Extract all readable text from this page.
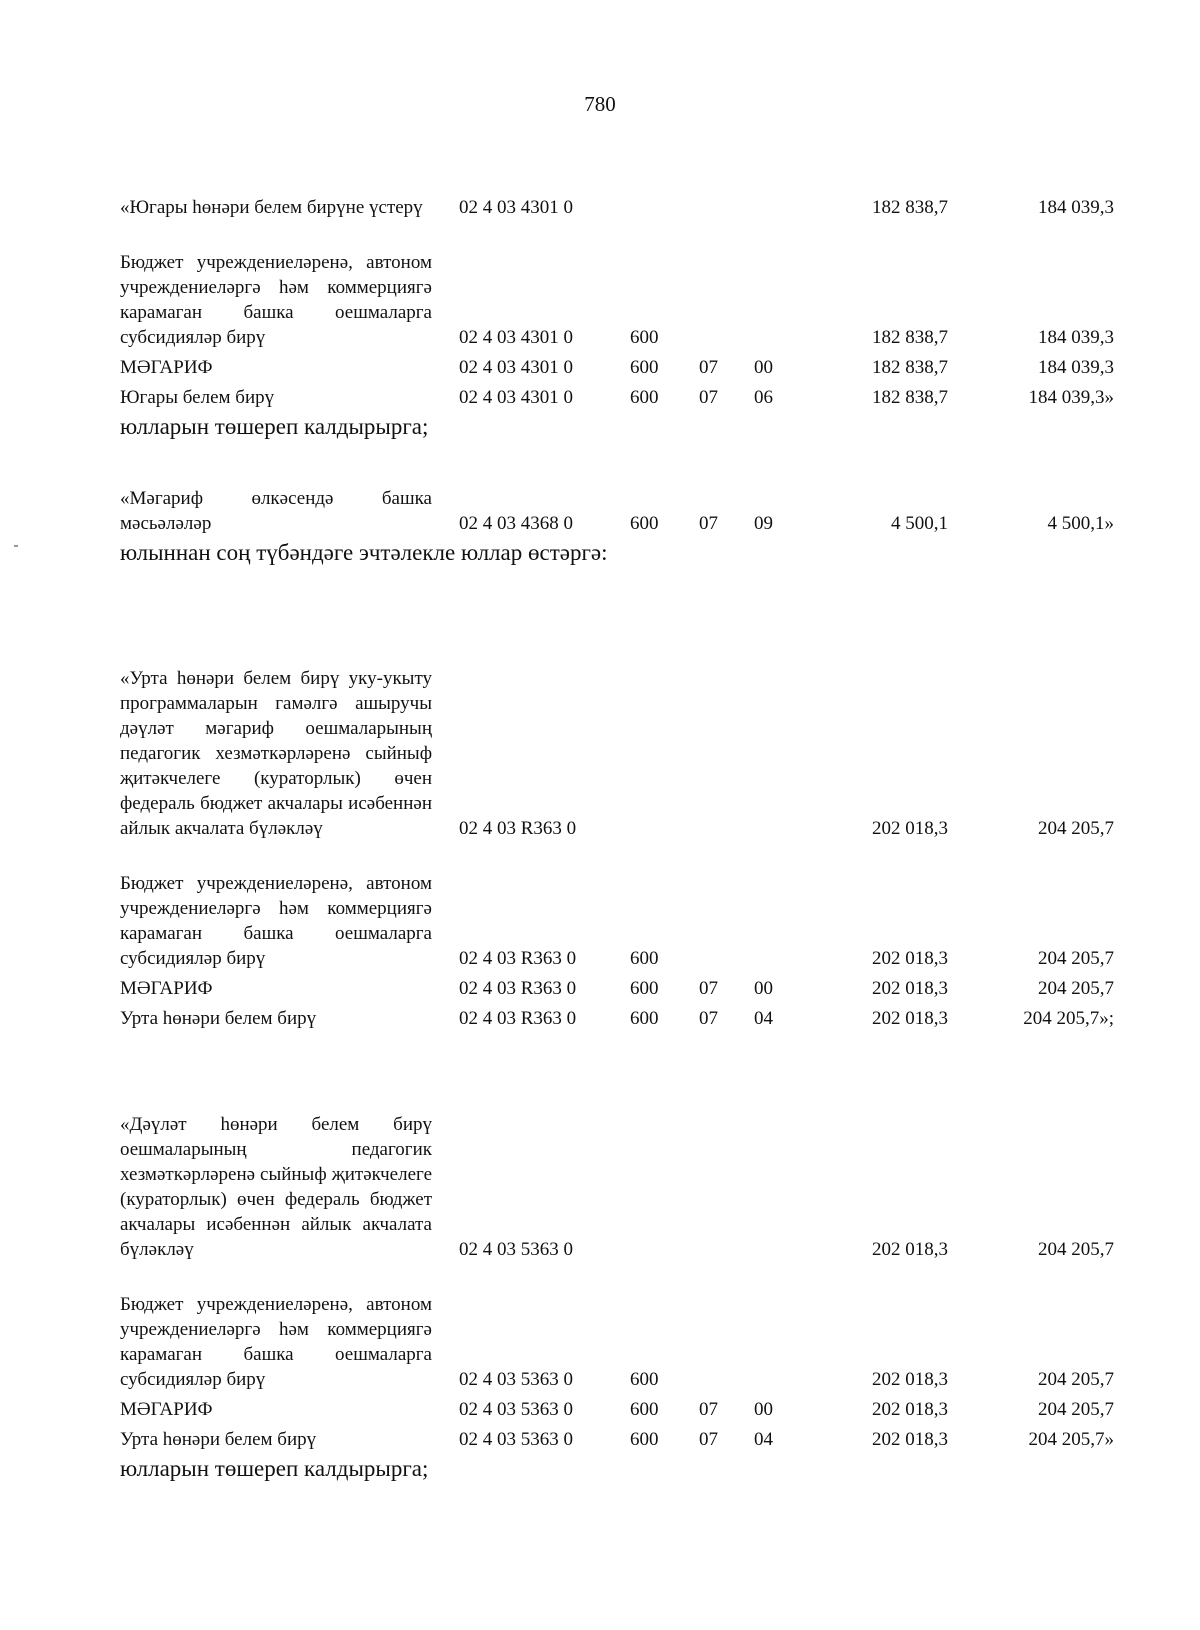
780
«Югары һөнәри белем бирүне үстерү	02 4 03 4301 0	182 838,7	184 039,3
Бюджет учреждениеләренә, автоном учреждениеләргә һәм коммерциягә карамаган башка оешмаларга субсидияләр бирү	02 4 03 4301 0	600	182 838,7	184 039,3
МӘГАРИФ	02 4 03 4301 0	600 07 00	182 838,7	184 039,3
Югары белем бирү	02 4 03 4301 0	600 07 06	182 838,7	184 039,3»

юлларын төшереп калдырырга;

«Мәгариф өлкәсендә башка мәсьәләләр	02 4 03 4368 0	600 07 09	4 500,1	4 500,1»

юлыннан соң түбәндәге эчтәлекле юллар өстәргә:

«Урта һөнәри белем бирү уку-укыту программаларын гамәлгә ашыручы дәүләт мәгариф оешмаларының педагогик хезмәткәрләренә сыйныф җитәкчелеге (кураторлык) өчен федераль бюджет акчалары исәбеннән айлык акчалата бүләкләү	02 4 03 R363 0	202 018,3	204 205,7
Бюджет учреждениеләренә, автоном учреждениеләргә һәм коммерциягә карамаган башка оешмаларга субсидияләр бирү	02 4 03 R363 0	600	202 018,3	204 205,7
МӘГАРИФ	02 4 03 R363 0	600 07 00	202 018,3	204 205,7
Урта һөнәри белем бирү	02 4 03 R363 0	600 07 04	202 018,3	204 205,7»;
«Дәүләт һөнәри белем бирү оешмаларының педагогик хезмәткәрләренә сыйныф җитәкчелеге (кураторлык) өчен федераль бюджет акчалары исәбеннән айлык акчалата бүләкләү	02 4 03 5363 0	202 018,3	204 205,7
Бюджет учреждениеләренә, автоном учреждениеләргә һәм коммерциягә карамаган башка оешмаларга субсидияләр бирү	02 4 03 5363 0	600	202 018,3	204 205,7
МӘГАРИФ	02 4 03 5363 0	600 07 00	202 018,3	204 205,7
Урта һөнәри белем бирү	02 4 03 5363 0	600 07 04	202 018,3	204 205,7»

юлларын төшереп калдырырга;
